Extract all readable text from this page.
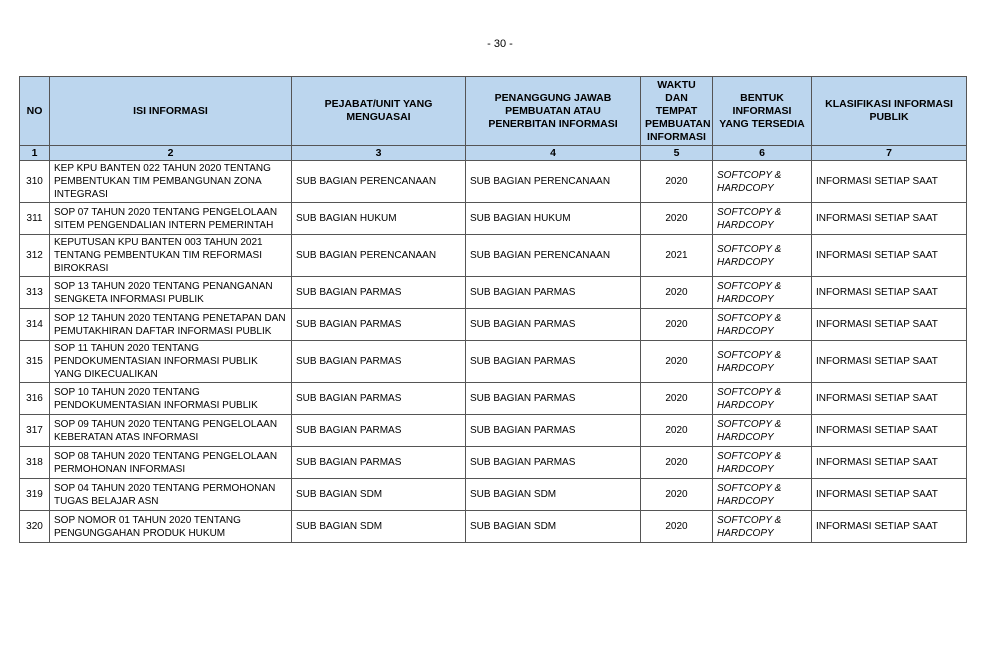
- 30 -
NO	ISI INFORMASI	PEJABAT/UNIT YANG MENGUASAI	PENANGGUNG JAWAB PEMBUATAN ATAU PENERBITAN INFORMASI	WAKTU DAN TEMPAT PEMBUATAN INFORMASI	BENTUK INFORMASI YANG TERSEDIA	KLASIFIKASI INFORMASI PUBLIK
1	2	3	4	5	6	7
310	KEP KPU BANTEN 022 TAHUN 2020 TENTANG PEMBENTUKAN TIM PEMBANGUNAN ZONA INTEGRASI	SUB BAGIAN PERENCANAAN	SUB BAGIAN PERENCANAAN	2020	SOFTCOPY &
HARDCOPY	INFORMASI SETIAP SAAT
311	SOP 07 TAHUN 2020 TENTANG PENGELOLAAN SITEM PENGENDALIAN INTERN PEMERINTAH	SUB BAGIAN HUKUM	SUB BAGIAN HUKUM	2020	SOFTCOPY &
HARDCOPY	INFORMASI SETIAP SAAT
312	KEPUTUSAN KPU BANTEN 003 TAHUN 2021 TENTANG PEMBENTUKAN TIM REFORMASI BIROKRASI	SUB BAGIAN PERENCANAAN	SUB BAGIAN PERENCANAAN	2021	SOFTCOPY &
HARDCOPY	INFORMASI SETIAP SAAT
313	SOP 13 TAHUN 2020 TENTANG PENANGANAN SENGKETA INFORMASI PUBLIK	SUB BAGIAN PARMAS	SUB BAGIAN PARMAS	2020	SOFTCOPY &
HARDCOPY	INFORMASI SETIAP SAAT
314	SOP 12 TAHUN 2020 TENTANG PENETAPAN DAN PEMUTAKHIRAN DAFTAR INFORMASI PUBLIK	SUB BAGIAN PARMAS	SUB BAGIAN PARMAS	2020	SOFTCOPY &
HARDCOPY	INFORMASI SETIAP SAAT
315	SOP 11 TAHUN 2020 TENTANG PENDOKUMENTASIAN INFORMASI PUBLIK YANG DIKECUALIKAN	SUB BAGIAN PARMAS	SUB BAGIAN PARMAS	2020	SOFTCOPY &
HARDCOPY	INFORMASI SETIAP SAAT
316	SOP 10 TAHUN 2020 TENTANG PENDOKUMENTASIAN INFORMASI PUBLIK	SUB BAGIAN PARMAS	SUB BAGIAN PARMAS	2020	SOFTCOPY &
HARDCOPY	INFORMASI SETIAP SAAT
317	SOP 09 TAHUN 2020 TENTANG PENGELOLAAN KEBERATAN ATAS INFORMASI	SUB BAGIAN PARMAS	SUB BAGIAN PARMAS	2020	SOFTCOPY &
HARDCOPY	INFORMASI SETIAP SAAT
318	SOP 08 TAHUN 2020 TENTANG PENGELOLAAN PERMOHONAN INFORMASI	SUB BAGIAN PARMAS	SUB BAGIAN PARMAS	2020	SOFTCOPY &
HARDCOPY	INFORMASI SETIAP SAAT
319	SOP 04 TAHUN 2020 TENTANG PERMOHONAN TUGAS BELAJAR ASN	SUB BAGIAN SDM	SUB BAGIAN SDM	2020	SOFTCOPY &
HARDCOPY	INFORMASI SETIAP SAAT
320	SOP NOMOR 01 TAHUN 2020 TENTANG PENGUNGGAHAN PRODUK HUKUM	SUB BAGIAN SDM	SUB BAGIAN SDM	2020	SOFTCOPY &
HARDCOPY	INFORMASI SETIAP SAAT
